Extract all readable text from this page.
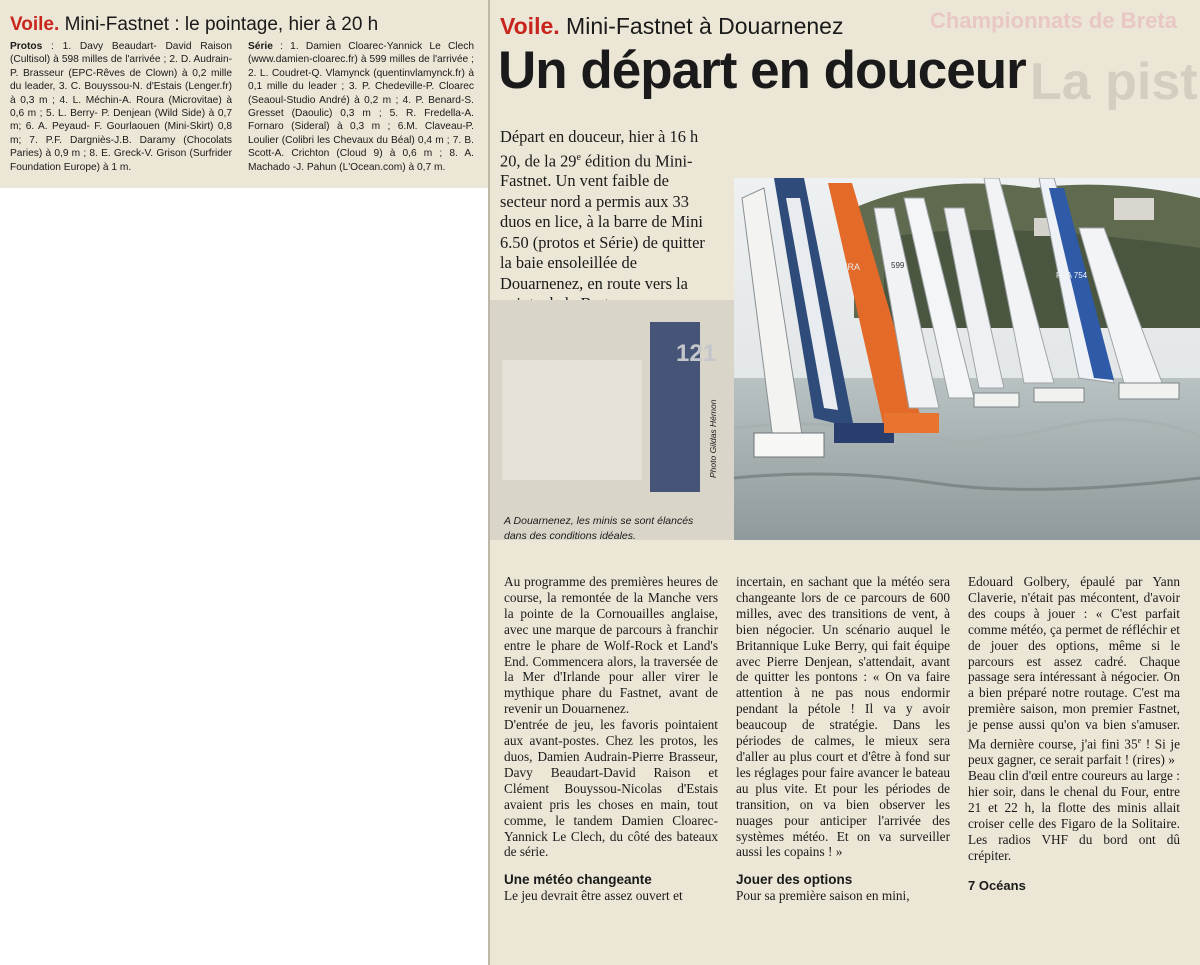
Voile. Mini-Fastnet : le pointage, hier à 20 h
Protos : 1. Davy Beaudart- David Raison (Cultisol) à 598 milles de l'arrivée ; 2. D. Audrain-P. Brasseur (EPC-Rêves de Clown) à 0,2 mille du leader, 3. C. Bouyssou-N. d'Estais (Lenger.fr) à 0,3 m ; 4. L. Méchin-A. Roura (Microvitae) à 0,6 m ; 5. L. Berry- P. Denjean (Wild Side) à 0,7 m; 6. A. Peyaud- F. Gourlaouen (Mini-Skirt) 0,8 m; 7. P.F. Dargniès-J.B. Daramy (Chocolats Paries) à 0,9 m ; 8. E. Greck-V. Grison (Surfrider Foundation Europe) à 1 m.
Série : 1. Damien Cloarec-Yannick Le Clech (www.damien-cloarec.fr) à 599 milles de l'arrivée ; 2. L. Coudret-Q. Vlamynck (quentinvlamynck.fr) à 0,1 mille du leader ; 3. P. Chedeville-P. Cloarec (Seaoul-Studio André) à 0,2 m ; 4. P. Benard-S. Gresset (Daoulic) 0,3 m ; 5. R. Fredella-A. Fornaro (Sideral) à 0,3 m ; 6.M. Claveau-P. Loulier (Colibri les Chevaux du Béal) 0,4 m ; 7. B. Scott-A. Crichton (Cloud 9) à 0,6 m ; 8. A. Machado -J. Pahun (L'Ocean.com) à 0,7 m.
Championnats de Breta
La pist
Voile. Mini-Fastnet à Douarnenez
Un départ en douceur
Départ en douceur, hier à 16 h 20, de la 29e édition du Mini-Fastnet. Un vent faible de secteur nord a permis aux 33 duos en lice, à la barre de Mini 6.50 (protos et Série) de quitter la baie ensoleillée de Douarnenez, en route vers la
FRA	599
FRA 754
121
Photo Gildas Hémon
A Douarnenez, les minis se sont élancés dans des conditions idéales.

Au programme des premières heures de course, la remontée de la Manche vers la pointe de la Cornouailles anglaise, avec une marque de parcours à franchir entre le phare de Wolf-Rock et Land's End. Commencera alors, la traversée de la Mer d'Irlande pour aller virer le mythique phare du Fastnet, avant de revenir un Douarnenez.

D'entrée de jeu, les favoris pointaient aux avant-postes. Chez les protos, les duos, Damien Audrain-Pierre Brasseur, Davy Beaudart-David Raison et Clément Bouyssou-Nicolas d'Estais avaient pris les choses en main, tout comme, le tandem Damien Cloarec-Yannick Le Clech, du côté des bateaux de série.

Une météo changeante

Le jeu devrait être assez ouvert et

incertain, en sachant que la météo sera changeante lors de ce parcours de 600 milles, avec des transitions de vent, à bien négocier. Un scénario auquel le Britannique Luke Berry, qui fait équipe avec Pierre Denjean, s'attendait, avant de quitter les pontons : « On va faire attention à ne pas nous endormir pendant la pétole ! Il va y avoir beaucoup de stratégie. Dans les périodes de calmes, le mieux sera d'aller au plus court et d'être à fond sur les réglages pour faire avancer le bateau au plus vite. Et pour les périodes de transition, on va bien observer les nuages pour anticiper l'arrivée des systèmes météo. Et on va surveiller aussi les copains ! »

Jouer des options

Pour sa première saison en mini,

Edouard Golbery, épaulé par Yann Claverie, n'était pas mécontent, d'avoir des coups à jouer : « C'est parfait comme météo, ça permet de réfléchir et de jouer des options, même si le parcours est assez cadré. Chaque passage sera intéressant à négocier. On a bien préparé notre routage. C'est ma première saison, mon premier Fastnet, je pense aussi qu'on va bien s'amuser. Ma dernière course, j'ai fini 35e ! Si je peux gagner, ce serait parfait ! (rires) »

Beau clin d'œil entre coureurs au large : hier soir, dans le chenal du Four, entre 21 et 22 h, la flotte des minis allait croiser celle des Figaro de la Solitaire. Les radios VHF du bord ont dû crépiter.

7 Océans
